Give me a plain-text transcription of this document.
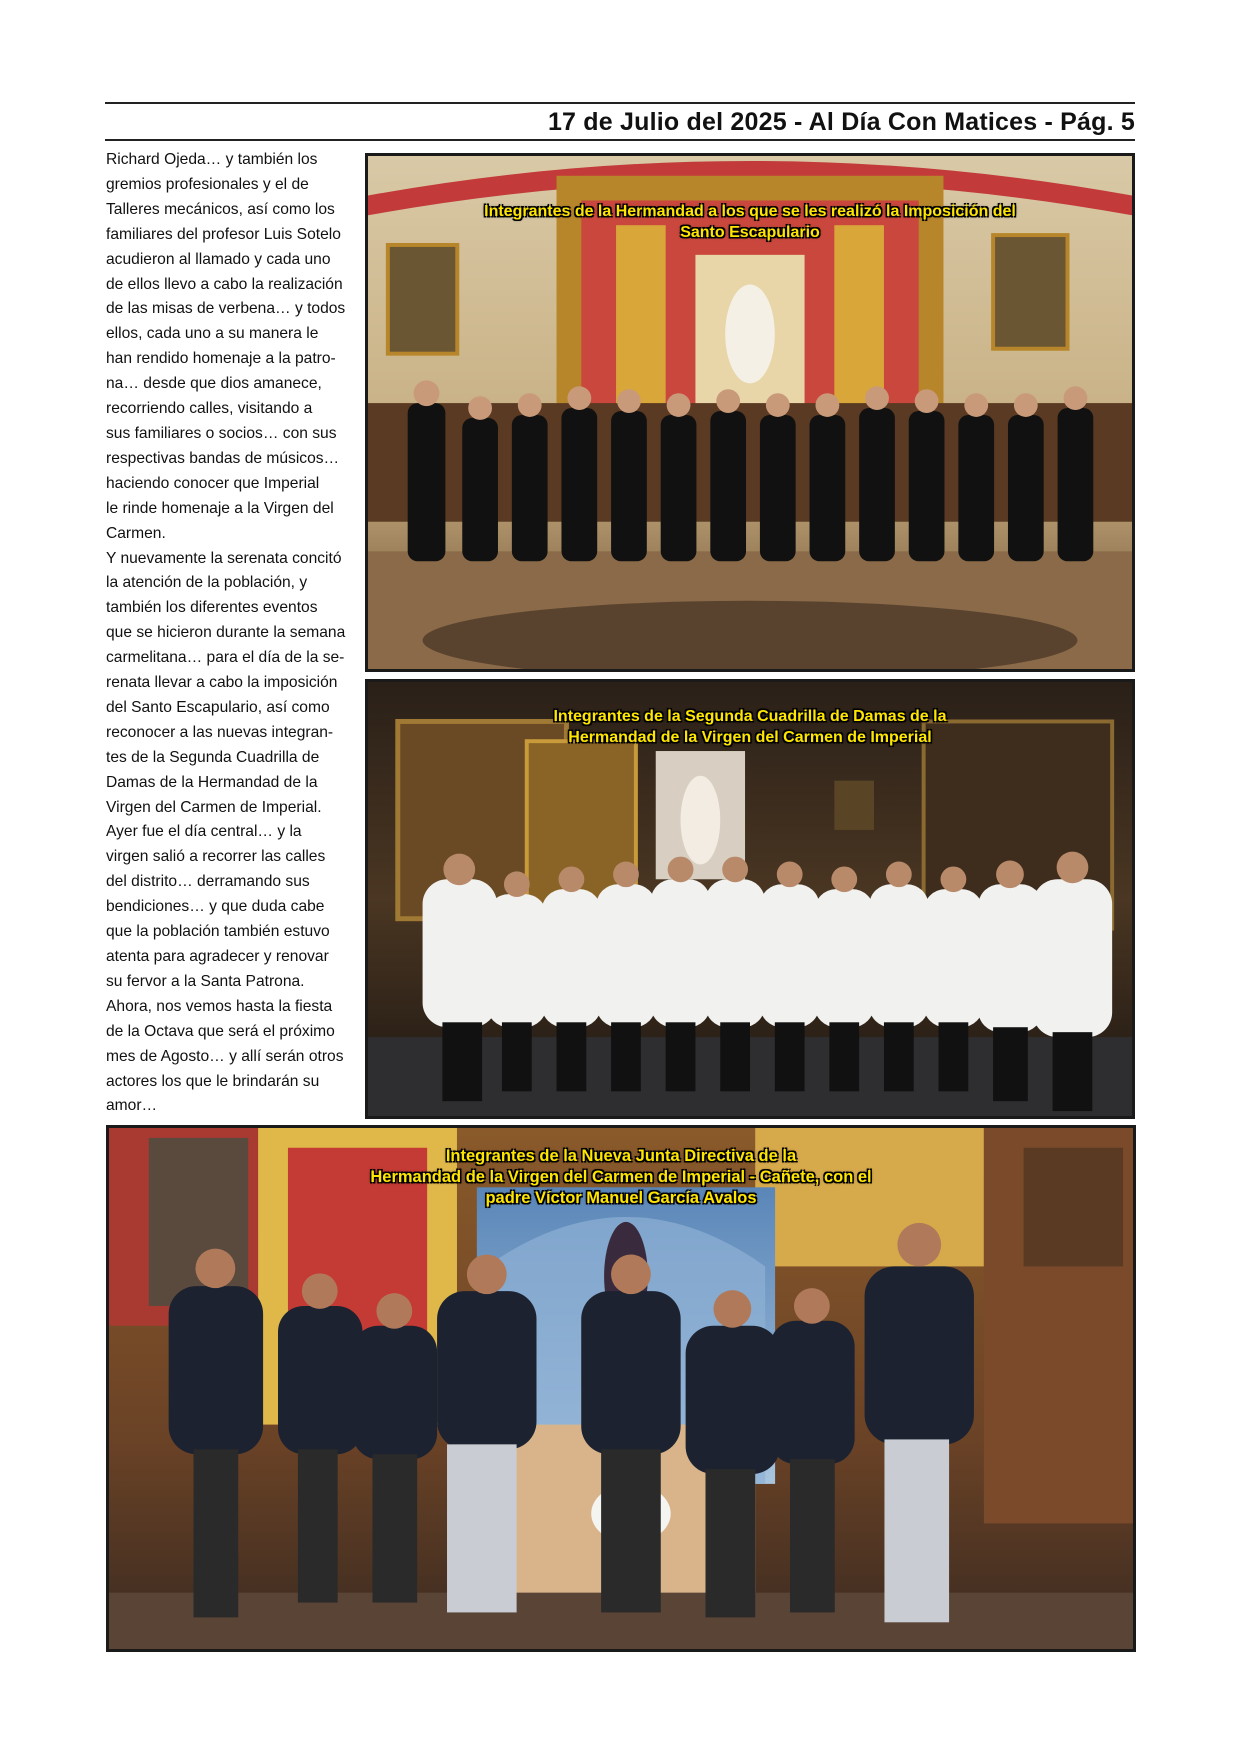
17 de Julio del 2025 - Al Día Con Matices - Pág. 5
Richard Ojeda… y también los
gremios profesionales y el de
Talleres mecánicos, así como los
familiares del profesor Luis Sotelo
acudieron al llamado y cada uno
de ellos llevo a cabo la realización
de las misas de verbena… y todos
ellos, cada uno a su manera le
han rendido homenaje a la patro-
na… desde que dios amanece,
recorriendo calles, visitando a
sus familiares o socios… con sus
respectivas bandas de músicos…
haciendo conocer que Imperial
le rinde homenaje a la Virgen del
Carmen.
Y nuevamente la serenata concitó
la atención de la población, y
también los diferentes eventos
que se hicieron durante la semana
carmelitana… para el día de la se-
renata llevar a cabo la imposición
del Santo Escapulario, así como
reconocer a las nuevas integran-
tes de la Segunda Cuadrilla de
Damas de la Hermandad de la
Virgen del Carmen de Imperial.
Ayer fue el día central… y la
virgen salió a recorrer las calles
del distrito… derramando sus
bendiciones… y que duda cabe
que la población también estuvo
atenta para agradecer y renovar
su fervor a la Santa Patrona.
Ahora, nos vemos hasta la fiesta
de la Octava que será el próximo
mes de Agosto… y allí serán otros
actores los que le brindarán su
amor…
Integrantes de la Hermandad a los que se les realizó la Imposición del
Santo Escapulario
Integrantes de la Segunda Cuadrilla de Damas de la
Hermandad de la Virgen del Carmen de Imperial
Integrantes de la Nueva Junta Directiva de la
Hermandad de la Virgen del Carmen de Imperial - Cañete, con el
padre Víctor Manuel García Avalos
